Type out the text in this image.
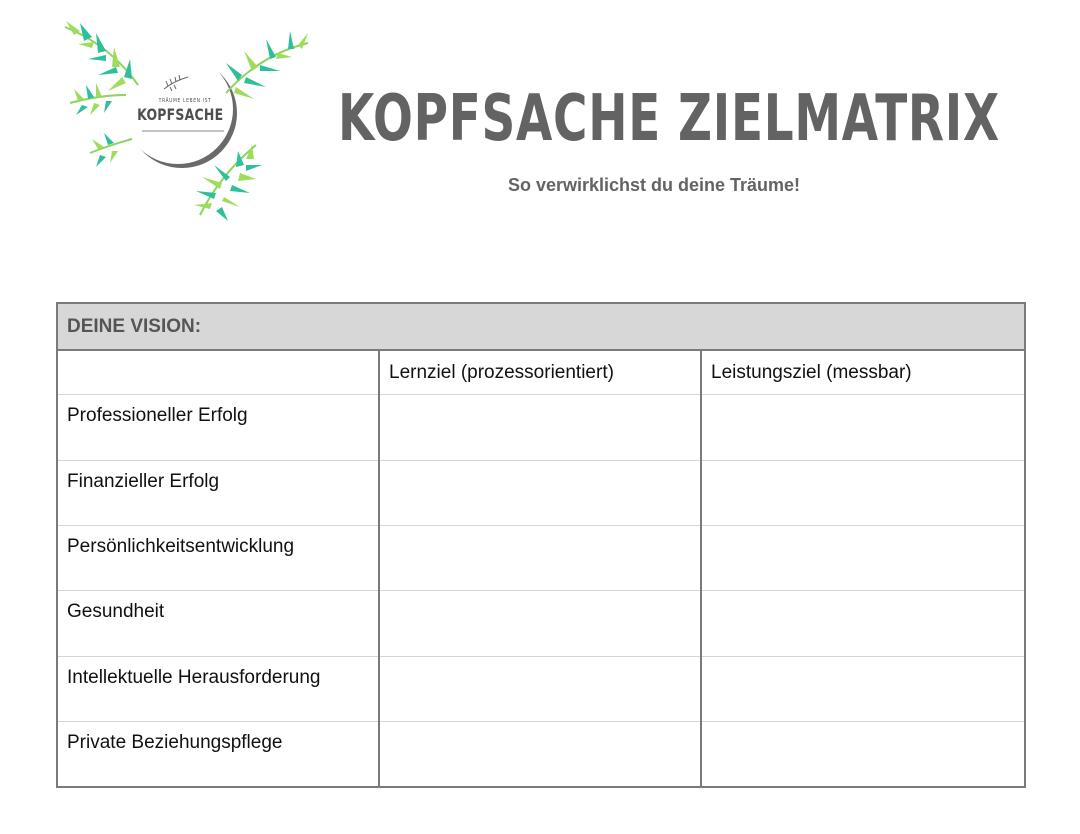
TRÄUME LEBEN IST
KOPFSACHE KOPFSACHE ZIELMATRIX
So verwirklichst du deine Träume!
DEINE VISION:		
	Lernziel (prozessorientiert)	Leistungsziel (messbar)
Professioneller Erfolg		
Finanzieller Erfolg		
Persönlichkeitsentwicklung		
Gesundheit		
Intellektuelle Herausforderung		
Private Beziehungspflege		
